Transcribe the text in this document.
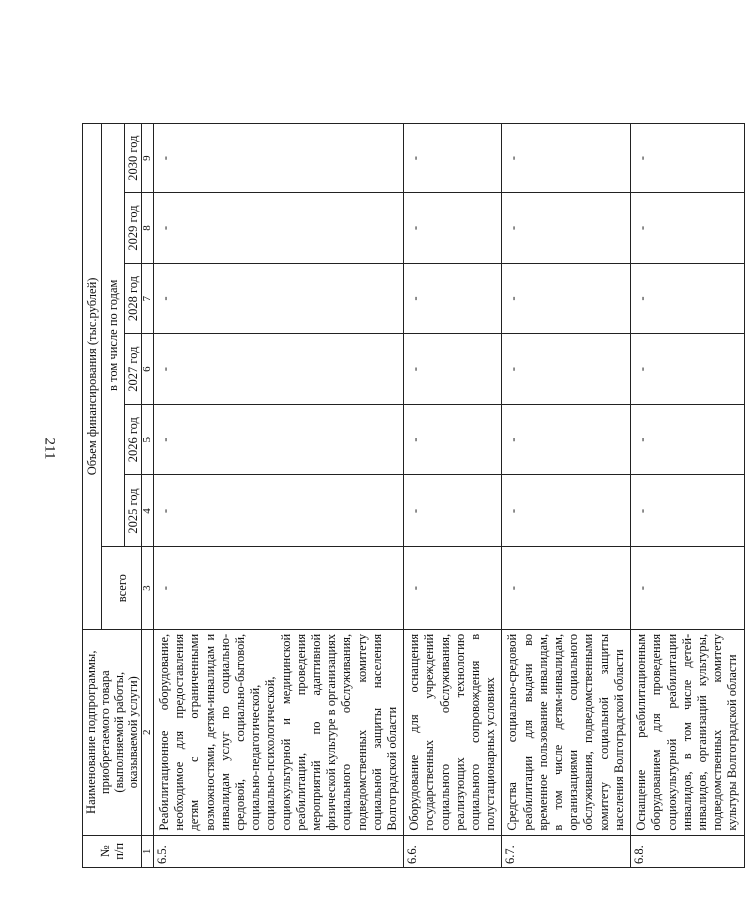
211
№
п/п	Наименование подпрограммы,
приобретаемого товара (выполняемой работы,
оказываемой услуги)	Объем финансирования (тыс.рублей)						
		всего	в том числе по годам					
			2025 год	2026 год	2027 год	2028 год	2029 год	2030 год
1	2	3	4	5	6	7	8	9
6.5.	Реабилитационное оборудование, необходимое для предоставления детям с ограниченными возможностями, детям-инвалидам и инвалидам услуг по социально-средовой, социально-бытовой, социально-педагогической, социально-психологической, социокультурной и медицинской реабилитации, проведения мероприятий по адаптивной физической культуре в организациях социального обслуживания, подведомственных комитету социальной защиты населения Волгоградской области	-	-	-	-	-	-	-
6.6.	Оборудование для оснащения государственных учреждений социального обслуживания, реализующих технологию социального сопровождения в полустационарных условиях	-	-	-	-	-	-	-
6.7.	Средства социально-средовой реабилитации для выдачи во временное пользование инвалидам, в том числе детям-инвалидам, организациями социального обслуживания, подведомственными комитету социальной защиты населения Волгоградской области	-	-	-	-	-	-	-
6.8.	Оснащение реабилитационным оборудованием для проведения социокультурной реабилитации инвалидов, в том числе детей-инвалидов, организаций культуры, подведомственных комитету культуры Волгоградской области	-	-	-	-	-	-	-
